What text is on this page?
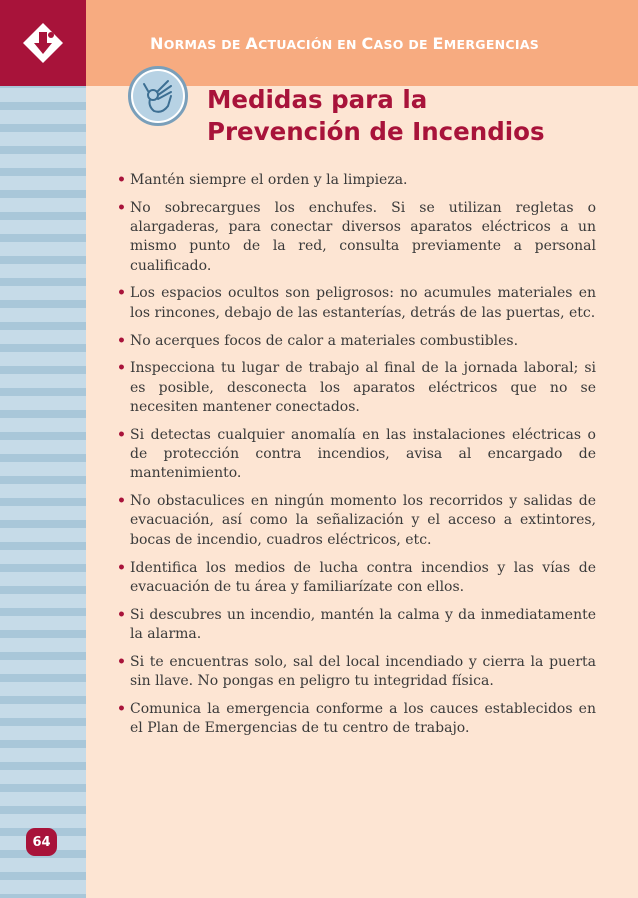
NORMAS DE ACTUACIÓN EN CASO DE EMERGENCIAS
Medidas para la
Prevención de Incendios
• Mantén siempre el orden y la limpieza.
• No sobrecargues los enchufes. Si se utilizan regletas o alargaderas, para conectar diversos aparatos eléctricos a un mismo punto de la red, consulta previamente a personal cualificado.
• Los espacios ocultos son peligrosos: no acumules materiales en los rincones, debajo de las estanterías, detrás de las puertas, etc.
• No acerques focos de calor a materiales combustibles.
• Inspecciona tu lugar de trabajo al final de la jornada laboral; si es posible, desconecta los aparatos eléctricos que no se necesiten mantener conectados.
• Si detectas cualquier anomalía en las instalaciones eléctricas o de protección contra incendios, avisa al encargado de mantenimiento.
• No obstaculices en ningún momento los recorridos y salidas de evacuación, así como la señalización y el acceso a extintores, bocas de incendio, cuadros eléctricos, etc.
• Identifica los medios de lucha contra incendios y las vías de evacuación de tu área y familiarízate con ellos.
• Si descubres un incendio, mantén la calma y da inmediatamente la alarma.
• Si te encuentras solo, sal del local incendiado y cierra la puerta sin llave. No pongas en peligro tu integridad física.
• Comunica la emergencia conforme a los cauces establecidos en el Plan de Emergencias de tu centro de trabajo.
64
